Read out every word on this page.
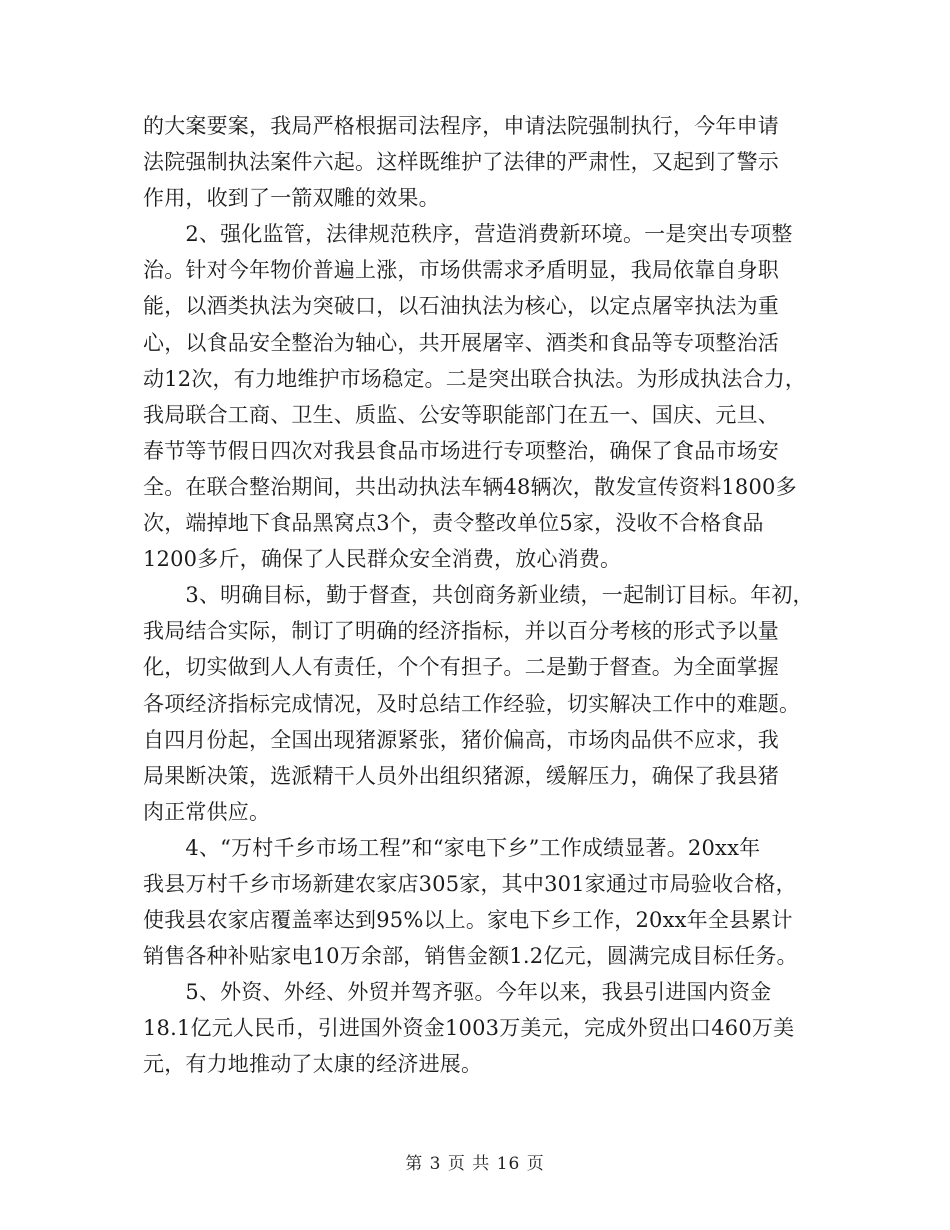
的大案要案，我局严格根据司法程序，申请法院强制执行，今年申请
法院强制执法案件六起。这样既维护了法律的严肃性，又起到了警示
作用，收到了一箭双雕的效果。
　　2、强化监管，法律规范秩序，营造消费新环境。一是突出专项整
治。针对今年物价普遍上涨，市场供需求矛盾明显，我局依靠自身职
能，以酒类执法为突破口，以石油执法为核心，以定点屠宰执法为重
心，以食品安全整治为轴心，共开展屠宰、酒类和食品等专项整治活
动12次，有力地维护市场稳定。二是突出联合执法。为形成执法合力，
我局联合工商、卫生、质监、公安等职能部门在五一、国庆、元旦、
春节等节假日四次对我县食品市场进行专项整治，确保了食品市场安
全。在联合整治期间，共出动执法车辆48辆次，散发宣传资料1800多
次，端掉地下食品黑窝点3个，责令整改单位5家，没收不合格食品
1200多斤，确保了人民群众安全消费，放心消费。
　　3、明确目标，勤于督查，共创商务新业绩，一起制订目标。年初，
我局结合实际，制订了明确的经济指标，并以百分考核的形式予以量
化，切实做到人人有责任，个个有担子。二是勤于督查。为全面掌握
各项经济指标完成情况，及时总结工作经验，切实解决工作中的难题。
自四月份起，全国出现猪源紧张，猪价偏高，市场肉品供不应求，我
局果断决策，选派精干人员外出组织猪源，缓解压力，确保了我县猪
肉正常供应。
　　4、“万村千乡市场工程”和“家电下乡”工作成绩显著。20xx年
我县万村千乡市场新建农家店305家，其中301家通过市局验收合格，
使我县农家店覆盖率达到95%以上。家电下乡工作，20xx年全县累计
销售各种补贴家电10万余部，销售金额1.2亿元，圆满完成目标任务。
　　5、外资、外经、外贸并驾齐驱。今年以来，我县引进国内资金
18.1亿元人民币，引进国外资金1003万美元，完成外贸出口460万美
元，有力地推动了太康的经济进展。
第 3 页 共 16 页
